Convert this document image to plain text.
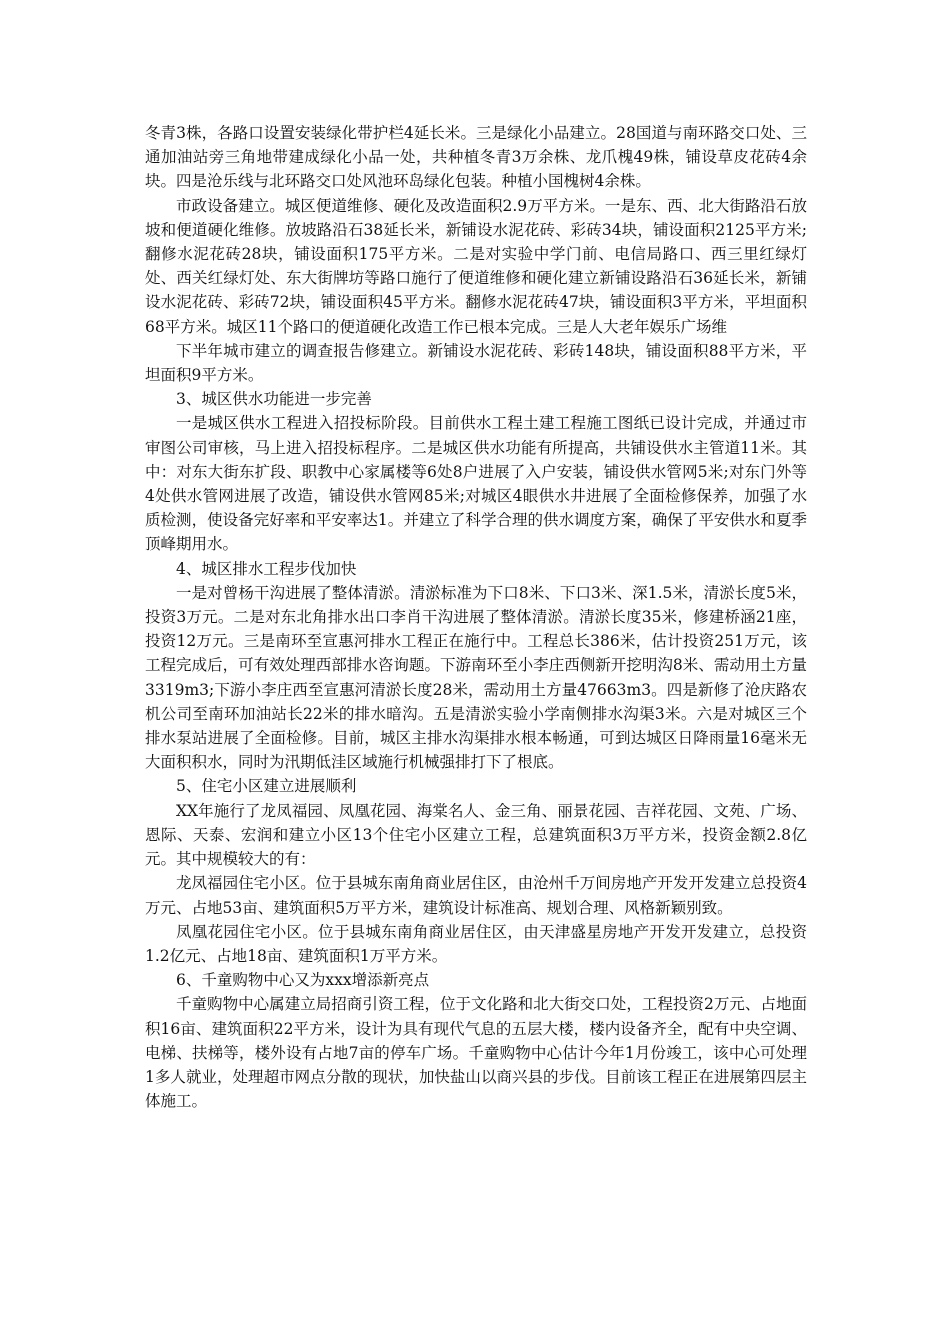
冬青3株，各路口设置安装绿化带护栏4延长米。三是绿化小品建立。28国道与南环路交口处、三通加油站旁三角地带建成绿化小品一处，共种植冬青3万余株、龙爪槐49株，铺设草皮花砖4余块。四是沧乐线与北环路交口处风池环岛绿化包装。种植小国槐树4余株。

市政设备建立。城区便道维修、硬化及改造面积2.9万平方米。一是东、西、北大街路沿石放坡和便道硬化维修。放坡路沿石38延长米，新铺设水泥花砖、彩砖34块，铺设面积2125平方米;翻修水泥花砖28块，铺设面积175平方米。二是对实验中学门前、电信局路口、西三里红绿灯处、西关红绿灯处、东大街牌坊等路口施行了便道维修和硬化建立新铺设路沿石36延长米，新铺设水泥花砖、彩砖72块，铺设面积45平方米。翻修水泥花砖47块，铺设面积3平方米，平坦面积68平方米。城区11个路口的便道硬化改造工作已根本完成。三是人大老年娱乐广场维

下半年城市建立的调查报告修建立。新铺设水泥花砖、彩砖148块，铺设面积88平方米，平坦面积9平方米。

3、城区供水功能进一步完善

一是城区供水工程进入招投标阶段。目前供水工程土建工程施工图纸已设计完成，并通过市审图公司审核，马上进入招投标程序。二是城区供水功能有所提高，共铺设供水主管道11米。其中：对东大街东扩段、职教中心家属楼等6处8户进展了入户安装，铺设供水管网5米;对东门外等4处供水管网进展了改造，铺设供水管网85米;对城区4眼供水井进展了全面检修保养，加强了水质检测，使设备完好率和平安率达1。并建立了科学合理的供水调度方案，确保了平安供水和夏季顶峰期用水。

4、城区排水工程步伐加快

一是对曾杨干沟进展了整体清淤。清淤标准为下口8米、下口3米、深1.5米，清淤长度5米，投资3万元。二是对东北角排水出口李肖干沟进展了整体清淤。清淤长度35米，修建桥涵21座，投资12万元。三是南环至宣惠河排水工程正在施行中。工程总长386米，估计投资251万元，该工程完成后，可有效处理西部排水咨询题。下游南环至小李庄西侧新开挖明沟8米、需动用土方量3319m3;下游小李庄西至宣惠河清淤长度28米，需动用土方量47663m3。四是新修了沧庆路农机公司至南环加油站长22米的排水暗沟。五是清淤实验小学南侧排水沟渠3米。六是对城区三个排水泵站进展了全面检修。目前，城区主排水沟渠排水根本畅通，可到达城区日降雨量16毫米无大面积积水，同时为汛期低洼区域施行机械强排打下了根底。

5、住宅小区建立进展顺利

XX年施行了龙凤福园、凤凰花园、海棠名人、金三角、丽景花园、吉祥花园、文苑、广场、恩际、天泰、宏润和建立小区13个住宅小区建立工程，总建筑面积3万平方米，投资金额2.8亿元。其中规模较大的有：

龙凤福园住宅小区。位于县城东南角商业居住区，由沧州千万间房地产开发开发建立总投资4万元、占地53亩、建筑面积5万平方米，建筑设计标准高、规划合理、风格新颖别致。

凤凰花园住宅小区。位于县城东南角商业居住区，由天津盛星房地产开发开发建立，总投资1.2亿元、占地18亩、建筑面积1万平方米。

6、千童购物中心又为xxx增添新亮点

千童购物中心属建立局招商引资工程，位于文化路和北大街交口处，工程投资2万元、占地面积16亩、建筑面积22平方米，设计为具有现代气息的五层大楼，楼内设备齐全，配有中央空调、电梯、扶梯等，楼外设有占地7亩的停车广场。千童购物中心估计今年1月份竣工，该中心可处理1多人就业，处理超市网点分散的现状，加快盐山以商兴县的步伐。目前该工程正在进展第四层主体施工。
